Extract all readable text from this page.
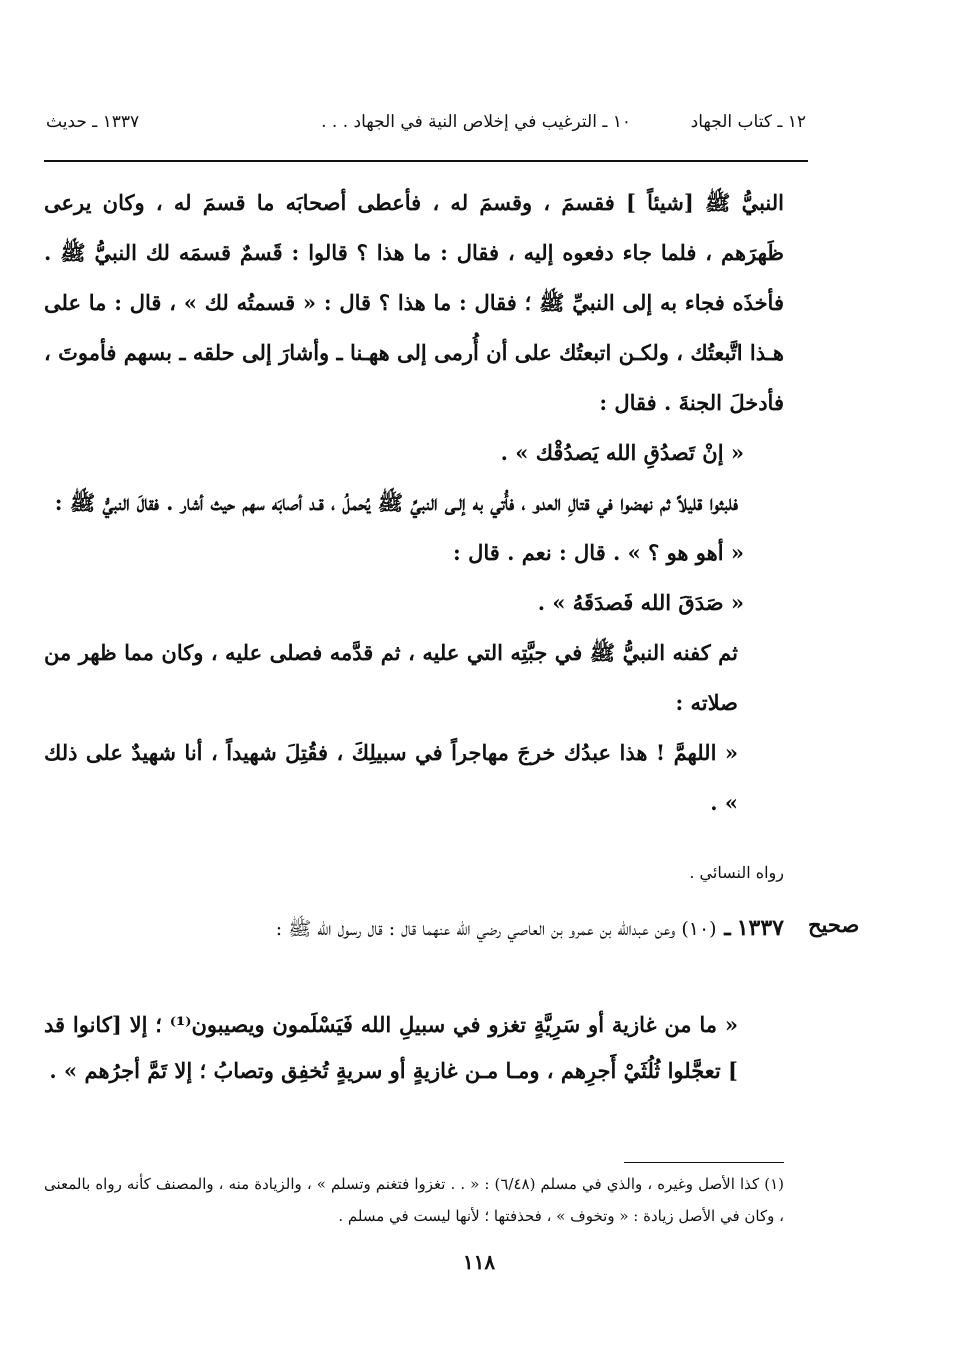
١٢ ـ كتاب الجهاد
١٠ ـ الترغيب في إخلاص النية في الجهاد . . .
١٣٣٧ ـ حديث

النبيُّ ﷺ [شيئاً ] فقسمَ ، وقسمَ له ، فأعطى أصحابَه ما قسمَ له ، وكان يرعى ظَهرَهم ، فلما جاء دفعوه إليه ، فقال : ما هذا ؟ قالوا : قَسمٌ قسمَه لك النبيُّ ﷺ . فأخذَه فجاء به إلى النبيِّ ﷺ ؛ فقال : ما هذا ؟ قال : « قسمتُه لك » ، قال : ما على هـذا اتَّبعتُك ، ولكـن اتبعتُك على أن أُرمى إلى ههـنا ـ وأشارَ إلى حلقه ـ بسهم فأموتَ ، فأدخلَ الجنةَ . فقال :

« إنْ تَصدُقِ الله يَصدُقْك » .

فلبثوا قليلاً ثم نهضوا في قتالِ العدو ، فأُتي به إلـى النبيِّ ﷺ يُحملُ ، قـد أصابَه سهم حيث أشار . فقالَ النبيُّ ﷺ :

« أهو هو ؟ » . قال : نعم . قال :

« صَدَقَ الله فَصدَقَهُ » .

ثم كفنه النبيُّ ﷺ في جبَّتِه التي عليه ، ثم قدَّمه فصلى عليه ، وكان مما ظهر من صلاته :

« اللهمَّ ! هذا عبدُك خرجَ مهاجراً في سبيلِكَ ، فقُتِلَ شهيداً ، أنا شهيدٌ على ذلك » .

رواه النسائي .
صحيح
١٣٣٧ ـ (١٠) وعن عبدالله بن عمرو بن العاصي رضي الله عنهما قال : قال رسول الله ﷺ :

« ما من غازية أو سَرِيَّةٍ تغزو في سبيلِ الله فَيَسْلَمون ويصيبون⁽¹⁾ ؛ إلا [كانوا قد ] تعجَّلوا ثُلُثَيْ أَجرِهم ، ومـا مـن غازيةٍ أو سريةٍ تُخفِق وتصابُ ؛ إلا تَمَّ أجرُهم » .

(١) كذا الأصل وغيره ، والذي في مسلم (٦/٤٨) : « . . تغزوا فتغنم وتسلم » ، والزيادة منه ، والمصنف كأنه رواه بالمعنى ، وكان في الأصل زيادة : « وتخوف » ، فحذفتها ؛ لأنها ليست في مسلم .

١١٨
